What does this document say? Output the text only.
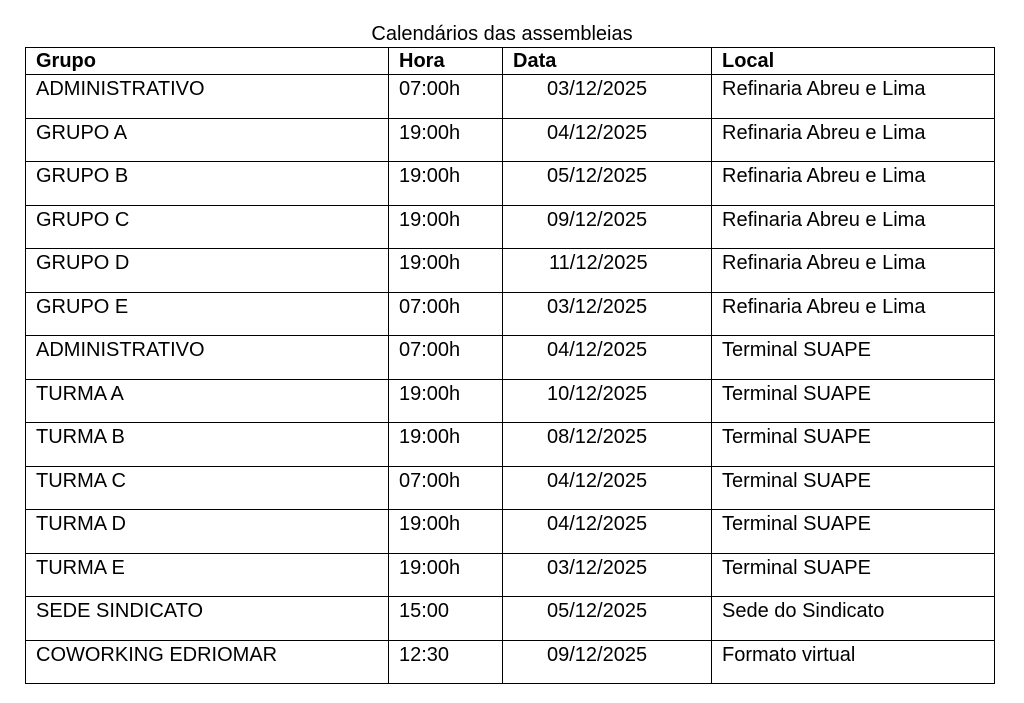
Calendários das assembleias
Grupo	Hora	Data	Local
ADMINISTRATIVO	07:00h	03/12/2025	Refinaria Abreu e Lima
GRUPO A	19:00h	04/12/2025	Refinaria Abreu e Lima
GRUPO B	19:00h	05/12/2025	Refinaria Abreu e Lima
GRUPO C	19:00h	09/12/2025	Refinaria Abreu e Lima
GRUPO D	19:00h	11/12/2025	Refinaria Abreu e Lima
GRUPO E	07:00h	03/12/2025	Refinaria Abreu e Lima
ADMINISTRATIVO	07:00h	04/12/2025	Terminal SUAPE
TURMA A	19:00h	10/12/2025	Terminal SUAPE
TURMA B	19:00h	08/12/2025	Terminal SUAPE
TURMA C	07:00h	04/12/2025	Terminal SUAPE
TURMA D	19:00h	04/12/2025	Terminal SUAPE
TURMA E	19:00h	03/12/2025	Terminal SUAPE
SEDE SINDICATO	15:00	05/12/2025	Sede do Sindicato
COWORKING EDRIOMAR	12:30	09/12/2025	Formato virtual
